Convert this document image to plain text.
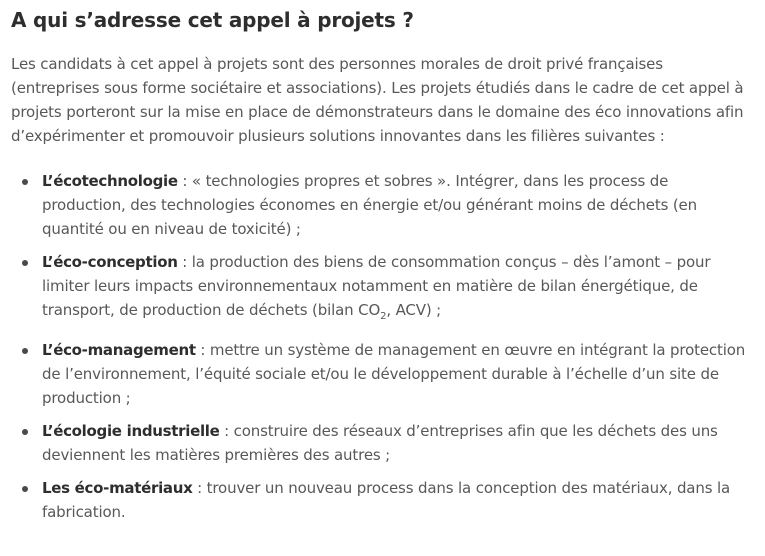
A qui s’adresse cet appel à projets ?

Les candidats à cet appel à projets sont des personnes morales de droit privé françaises (entreprises sous forme sociétaire et associations). Les projets étudiés dans le cadre de cet appel à projets porteront sur la mise en place de démonstrateurs dans le domaine des éco innovations afin d’expérimenter et promouvoir plusieurs solutions innovantes dans les filières suivantes :

L’écotechnologie : « technologies propres et sobres ». Intégrer, dans les process de production, des technologies économes en énergie et/ou générant moins de déchets (en quantité ou en niveau de toxicité) ;
L’éco-conception : la production des biens de consommation conçus – dès l’amont – pour limiter leurs impacts environnementaux notamment en matière de bilan énergétique, de transport, de production de déchets (bilan $CO_2$, ACV) ;
L’éco-management : mettre un système de management en œuvre en intégrant la protection de l’environnement, l’équité sociale et/ou le développement durable à l’échelle d’un site de production ;
L’écologie industrielle : construire des réseaux d’entreprises afin que les déchets des uns deviennent les matières premières des autres ;
Les éco-matériaux : trouver un nouveau process dans la conception des matériaux, dans la fabrication.
